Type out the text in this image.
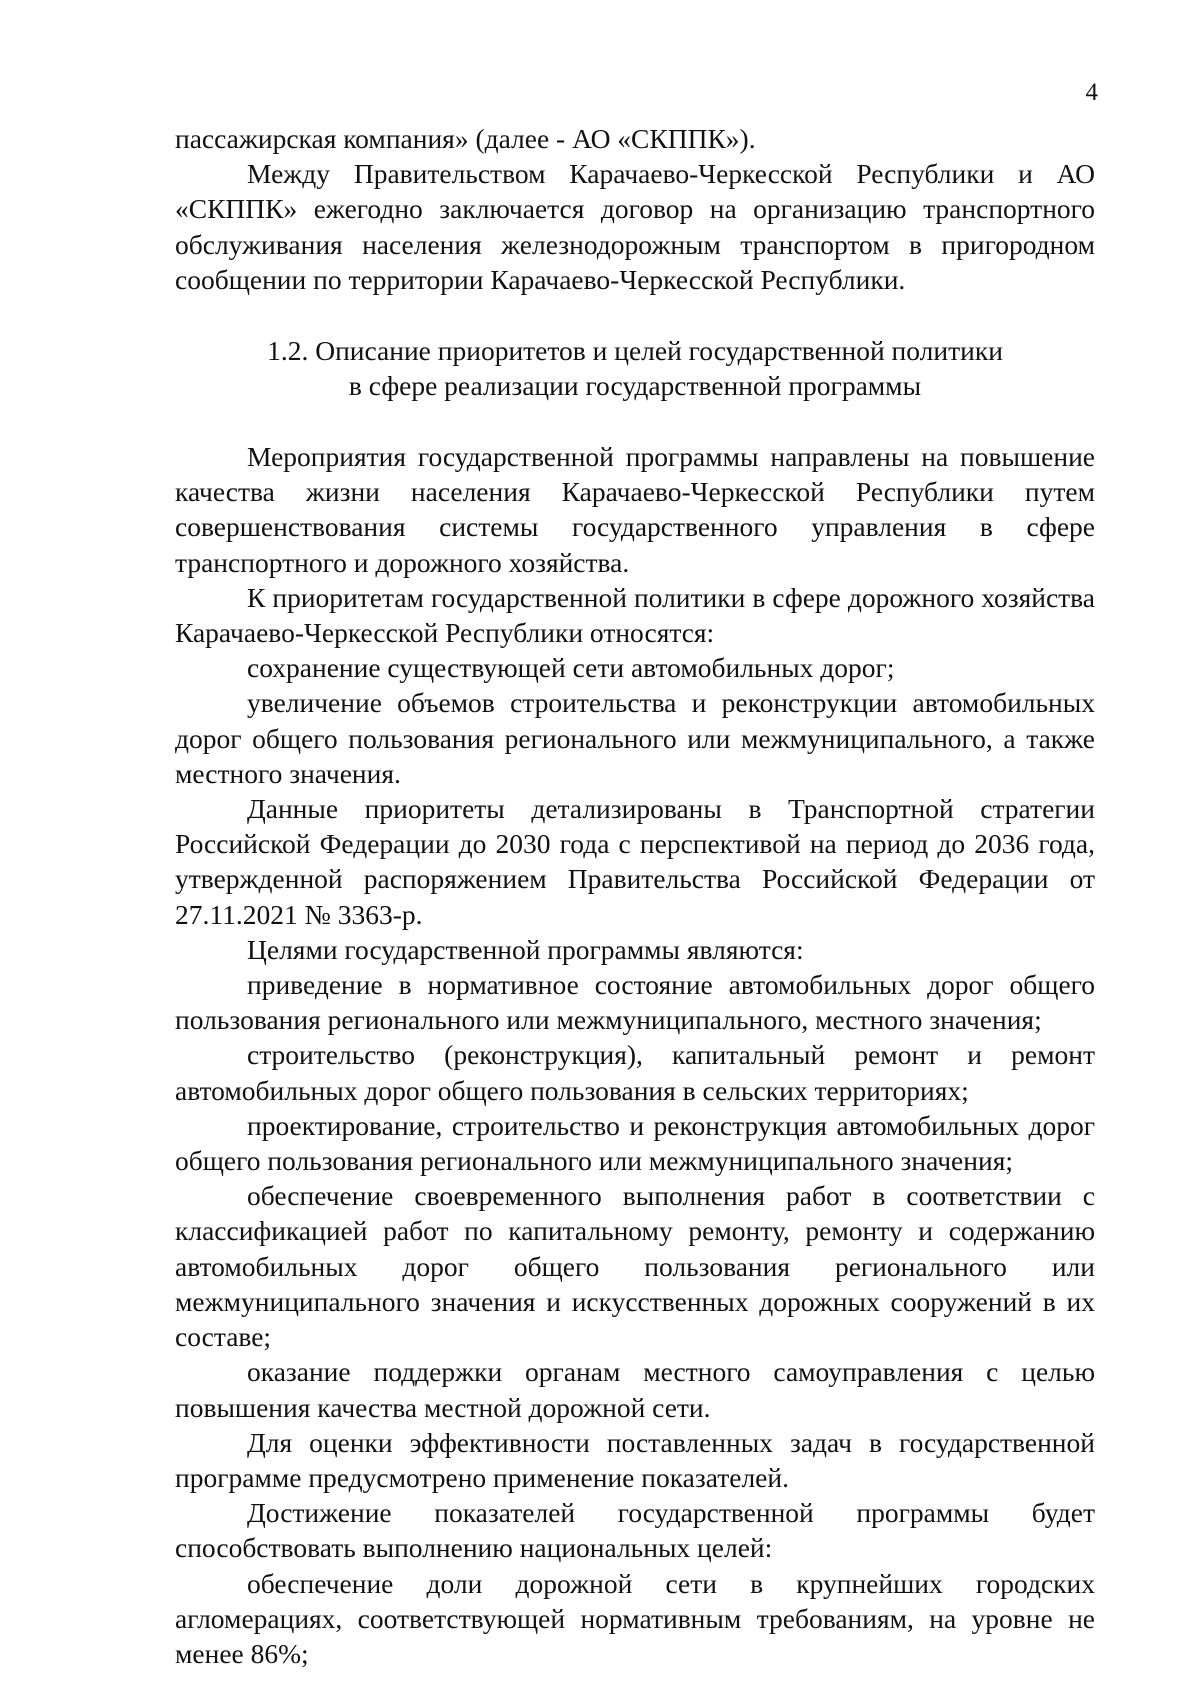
4

пассажирская компания» (далее - АО «СКППК»).

Между Правительством Карачаево-Черкесской Республики и АО «СКППК» ежегодно заключается договор на организацию транспортного обслуживания населения железнодорожным транспортом в пригородном сообщении по территории Карачаево-Черкесской Республики.

1.2. Описание приоритетов и целей государственной политики
в сфере реализации государственной программы

Мероприятия государственной программы направлены на повышение качества жизни населения Карачаево-Черкесской Республики путем совершенствования системы государственного управления в сфере транспортного и дорожного хозяйства.

К приоритетам государственной политики в сфере дорожного хозяйства Карачаево-Черкесской Республики относятся:

сохранение существующей сети автомобильных дорог;

увеличение объемов строительства и реконструкции автомобильных дорог общего пользования регионального или межмуниципального, а также местного значения.

Данные приоритеты детализированы в Транспортной стратегии Российской Федерации до 2030 года с перспективой на период до 2036 года, утвержденной распоряжением Правительства Российской Федерации от 27.11.2021 № 3363-р.

Целями государственной программы являются:

приведение в нормативное состояние автомобильных дорог общего пользования регионального или межмуниципального, местного значения;

строительство (реконструкция), капитальный ремонт и ремонт автомобильных дорог общего пользования в сельских территориях;

проектирование, строительство и реконструкция автомобильных дорог общего пользования регионального или межмуниципального значения;

обеспечение своевременного выполнения работ в соответствии с классификацией работ по капитальному ремонту, ремонту и содержанию автомобильных дорог общего пользования регионального или межмуниципального значения и искусственных дорожных сооружений в их составе;

оказание поддержки органам местного самоуправления с целью повышения качества местной дорожной сети.

Для оценки эффективности поставленных задач в государственной программе предусмотрено применение показателей.

Достижение показателей государственной программы будет способствовать выполнению национальных целей:

обеспечение доли дорожной сети в крупнейших городских агломерациях, соответствующей нормативным требованиям, на уровне не менее 86%;
